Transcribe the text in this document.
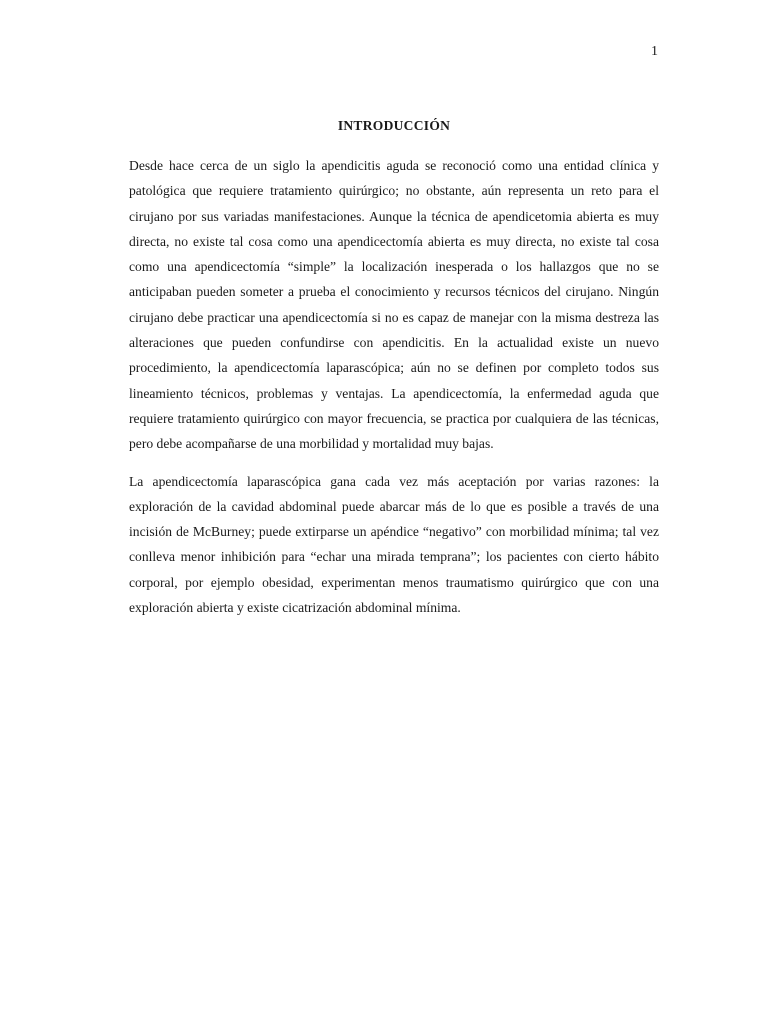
1
INTRODUCCIÓN

Desde hace cerca de un siglo la apendicitis aguda se reconoció como una entidad clínica y patológica que requiere tratamiento quirúrgico; no obstante, aún representa un reto para el cirujano por sus variadas manifestaciones. Aunque la técnica de apendicetomia abierta es muy directa, no existe tal cosa como una apendicectomía abierta es muy directa, no existe tal cosa como una apendicectomía “simple” la localización inesperada o los hallazgos que no se anticipaban pueden someter a prueba el conocimiento y recursos técnicos del cirujano. Ningún cirujano debe practicar una apendicectomía si no es capaz de manejar con la misma destreza las alteraciones que pueden confundirse con apendicitis. En la actualidad existe un nuevo procedimiento, la apendicectomía laparascópica; aún no se definen por completo todos sus lineamiento técnicos, problemas y ventajas. La apendicectomía, la enfermedad aguda que requiere tratamiento quirúrgico con mayor frecuencia, se practica por cualquiera de las técnicas, pero debe acompañarse de una morbilidad y mortalidad muy bajas.

La apendicectomía laparascópica gana cada vez más aceptación por varias razones: la exploración de la cavidad abdominal puede abarcar más de lo que es posible a través de una incisión de McBurney; puede extirparse un apéndice “negativo” con morbilidad mínima; tal vez conlleva menor inhibición para “echar una mirada temprana”; los pacientes con cierto hábito corporal, por ejemplo obesidad, experimentan menos traumatismo quirúrgico que con una exploración abierta y existe cicatrización abdominal mínima.
